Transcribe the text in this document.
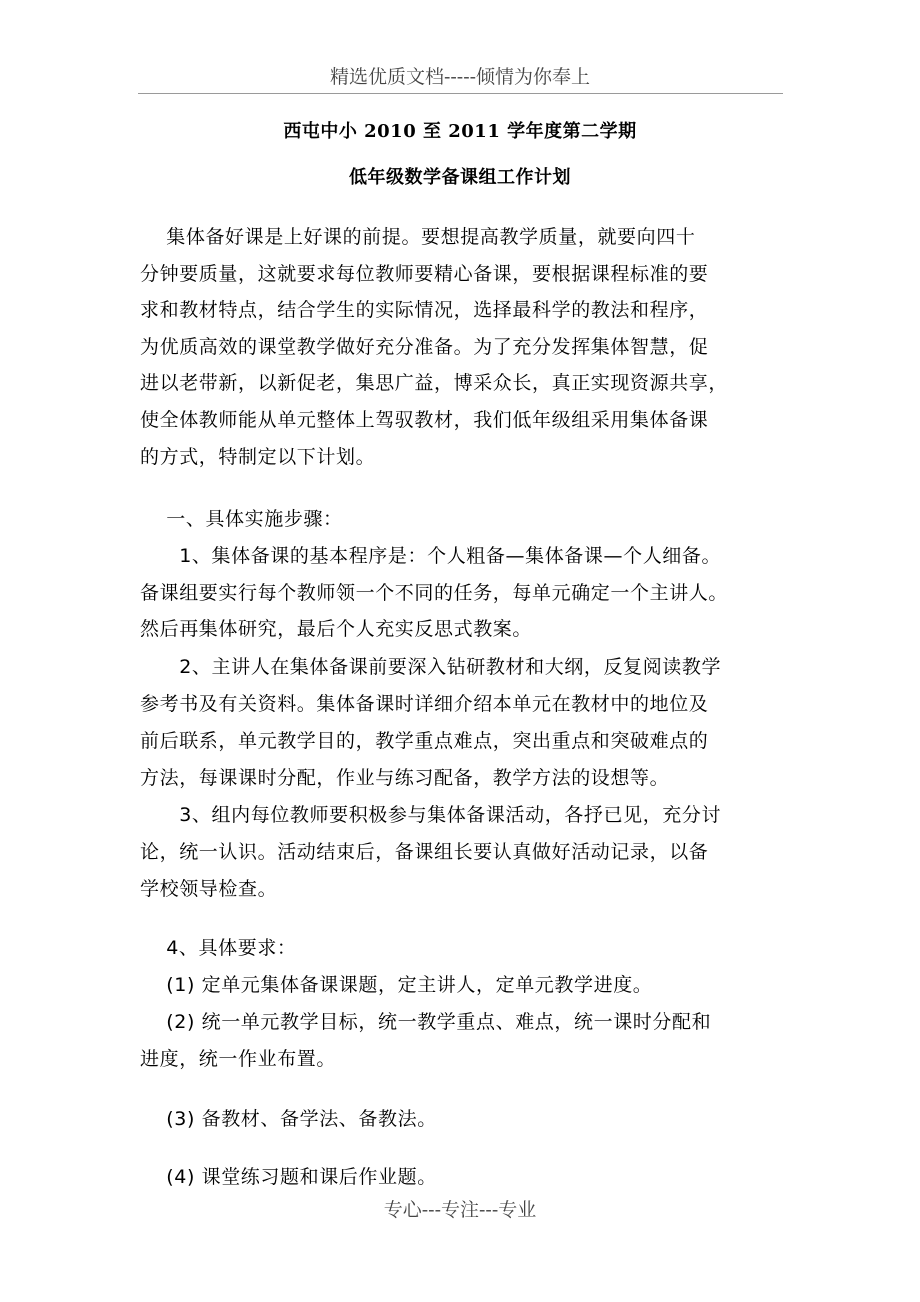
精选优质文档-----倾情为你奉上
西屯中小 2010 至 2011 学年度第二学期
低年级数学备课组工作计划
　 集体备好课是上好课的前提。要想提高教学质量，就要向四十
分钟要质量，这就要求每位教师要精心备课，要根据课程标准的要
求和教材特点，结合学生的实际情况，选择最科学的教法和程序，
为优质高效的课堂教学做好充分准备。为了充分发挥集体智慧，促
进以老带新，以新促老，集思广益，博采众长，真正实现资源共享，
使全体教师能从单元整体上驾驭教材，我们低年级组采用集体备课
的方式，特制定以下计划。
　 一、具体实施步骤：
　　1、集体备课的基本程序是：个人粗备—集体备课—个人细备。
备课组要实行每个教师领一个不同的任务，每单元确定一个主讲人。
然后再集体研究，最后个人充实反思式教案。
　　2、主讲人在集体备课前要深入钻研教材和大纲，反复阅读教学
参考书及有关资料。集体备课时详细介绍本单元在教材中的地位及
前后联系，单元教学目的，教学重点难点，突出重点和突破难点的
方法，每课课时分配，作业与练习配备，教学方法的设想等。
　　3、组内每位教师要积极参与集体备课活动，各抒已见，充分讨
论，统一认识。活动结束后，备课组长要认真做好活动记录，以备
学校领导检查。
　 4、具体要求：
　 (1) 定单元集体备课课题，定主讲人，定单元教学进度。
　 (2) 统一单元教学目标，统一教学重点、难点，统一课时分配和
进度，统一作业布置。
　 (3) 备教材、备学法、备教法。
　 (4) 课堂练习题和课后作业题。
专心---专注---专业
